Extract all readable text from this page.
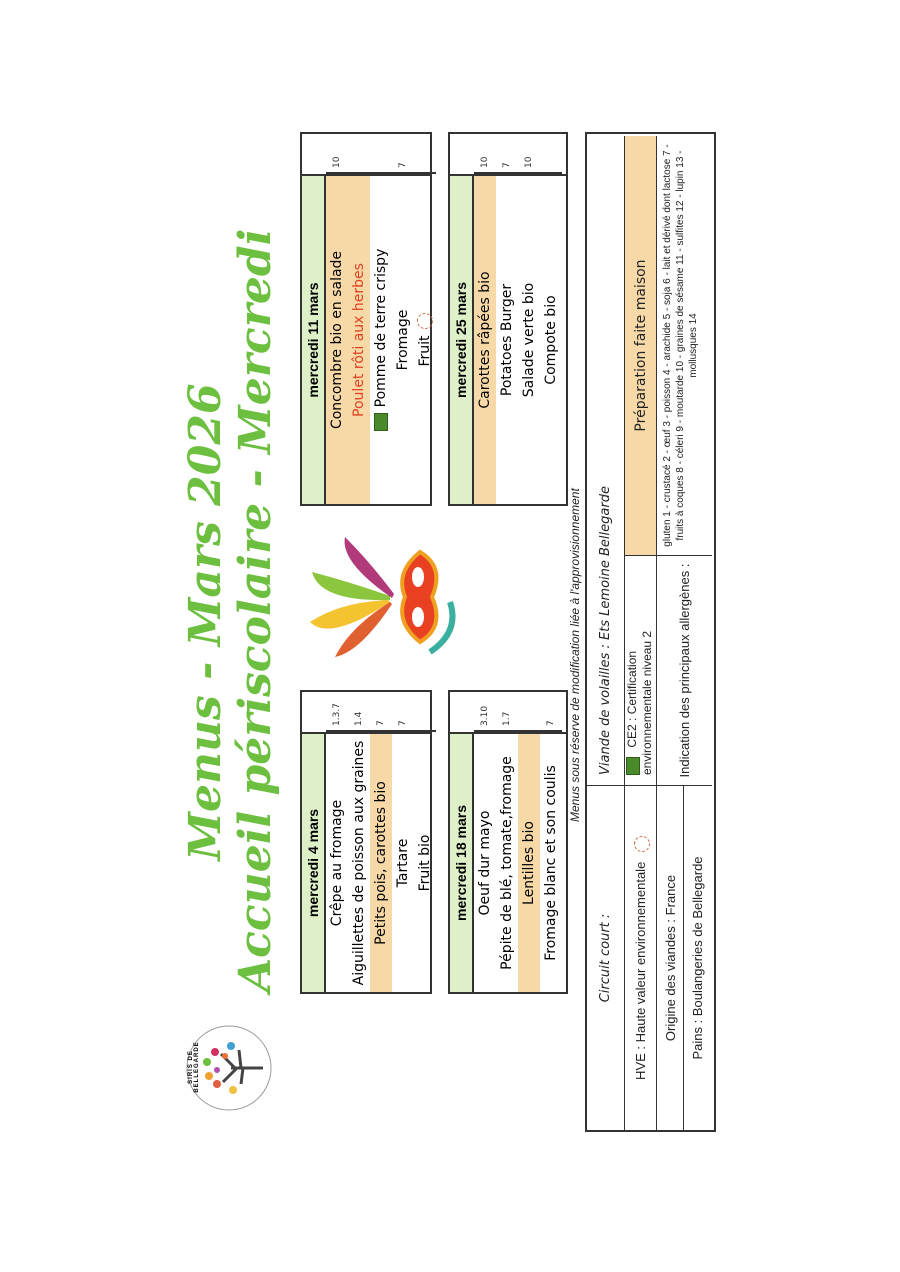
SIRIS DE BELLEGARDE
Menus - Mars 2026 Accueil périscolaire - Mercredi mercredi 4 mars Crêpe au fromage
1.3.7
Aiguillettes de poisson aux graines
1.4
Petits pois, carottes bio
7
Tartare
7
Fruit bio mercredi 18 mars Oeuf dur mayo
3.10
Pépite de blé, tomate,fromage
1.7
Lentilles bio Fromage blanc et son coulis
7
mercredi 11 mars Concombre bio en salade
10
Poulet rôti aux herbes Pomme de terre crispy Fromage
7
Fruit mercredi 25 mars Carottes râpées bio
10
Potatoes Burger
7
Salade verte bio
10
Compote bio
Menus sous réserve de modification liée à l'approvisionnement
Circuit court :
Viande de volailles : Ets Lemoine Bellegarde
HVE : Haute valeur environnementale
CE2 : Certification environnementale niveau 2
Préparation faite maison
Origine des viandes : France
Indication des principaux allergènes :
gluten 1 - crustacé 2 - œuf 3 - poisson 4 - arachide 5 - soja 6 - lait et dérivé dont lactose 7 - fruits à coques 8 - céleri 9 - moutarde 10 - graines de sésame 11 - sulfites 12 - lupin 13 - mollusques 14
Pains : Boulangeries de Bellegarde
